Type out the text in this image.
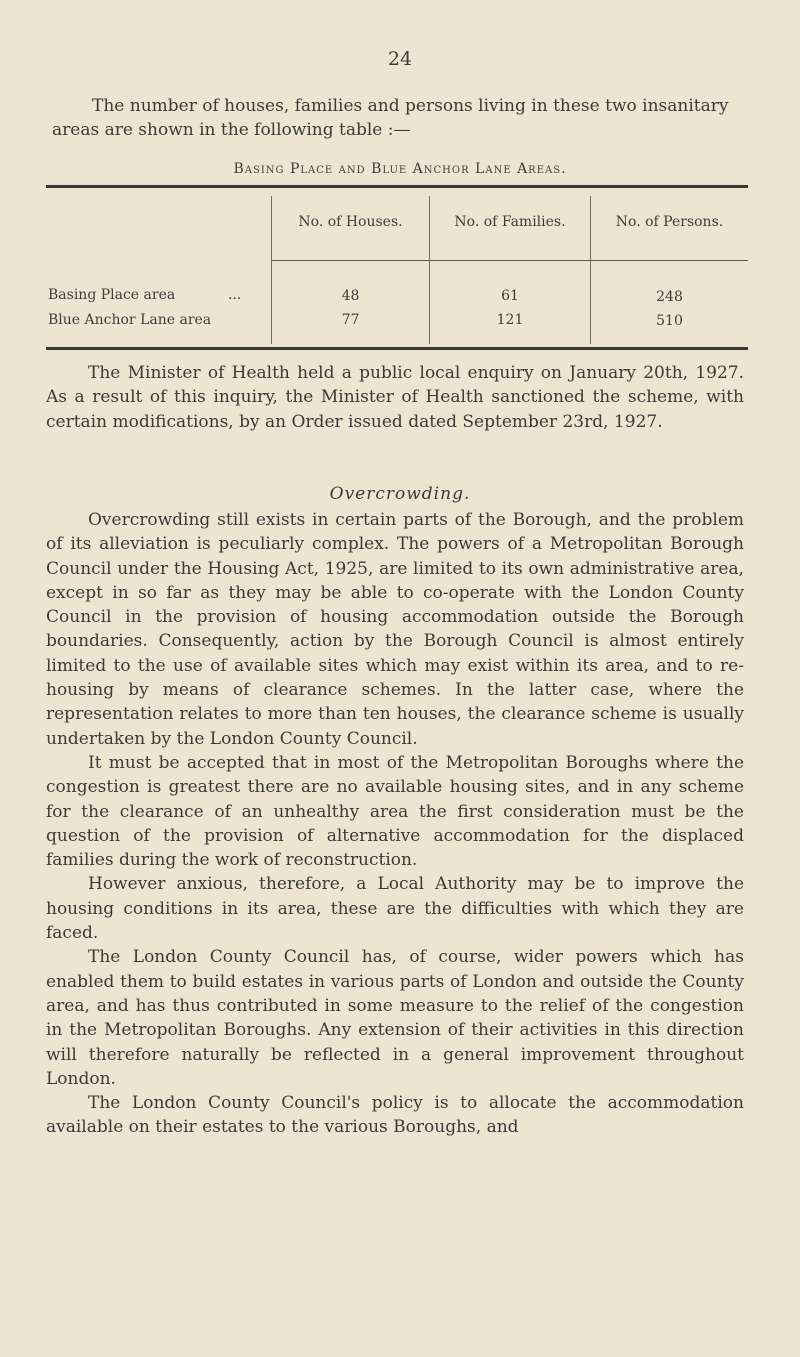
24
The number of houses, families and persons living in these two insanitary areas are shown in the following table :—
Basing Place and Blue Anchor Lane Areas.
No. of Houses.	No. of Families.	No. of Persons.
Basing Place area	...	48	61	248
Blue Anchor Lane area	77	121	510

The Minister of Health held a public local enquiry on January 20th, 1927. As a result of this inquiry, the Minister of Health sanctioned the scheme, with certain modifications, by an Order issued dated September 23rd, 1927.

Overcrowding.

Overcrowding still exists in certain parts of the Borough, and the problem of its alleviation is peculiarly complex. The powers of a Metropolitan Borough Council under the Housing Act, 1925, are limited to its own administrative area, except in so far as they may be able to co-operate with the London County Council in the provision of housing accommodation outside the Borough boundaries. Consequently, action by the Borough Council is almost entirely limited to the use of available sites which may exist within its area, and to re-housing by means of clearance schemes. In the latter case, where the representation relates to more than ten houses, the clearance scheme is usually undertaken by the London County Council.

It must be accepted that in most of the Metropolitan Boroughs where the congestion is greatest there are no available housing sites, and in any scheme for the clearance of an unhealthy area the first consideration must be the question of the provision of alternative accommodation for the displaced families during the work of reconstruction.

However anxious, therefore, a Local Authority may be to improve the housing conditions in its area, these are the difficulties with which they are faced.

The London County Council has, of course, wider powers which has enabled them to build estates in various parts of London and outside the County area, and has thus contributed in some measure to the relief of the congestion in the Metropolitan Boroughs. Any extension of their activities in this direction will therefore naturally be reflected in a general improvement throughout London.

The London County Council's policy is to allocate the accommodation available on their estates to the various Boroughs, and
